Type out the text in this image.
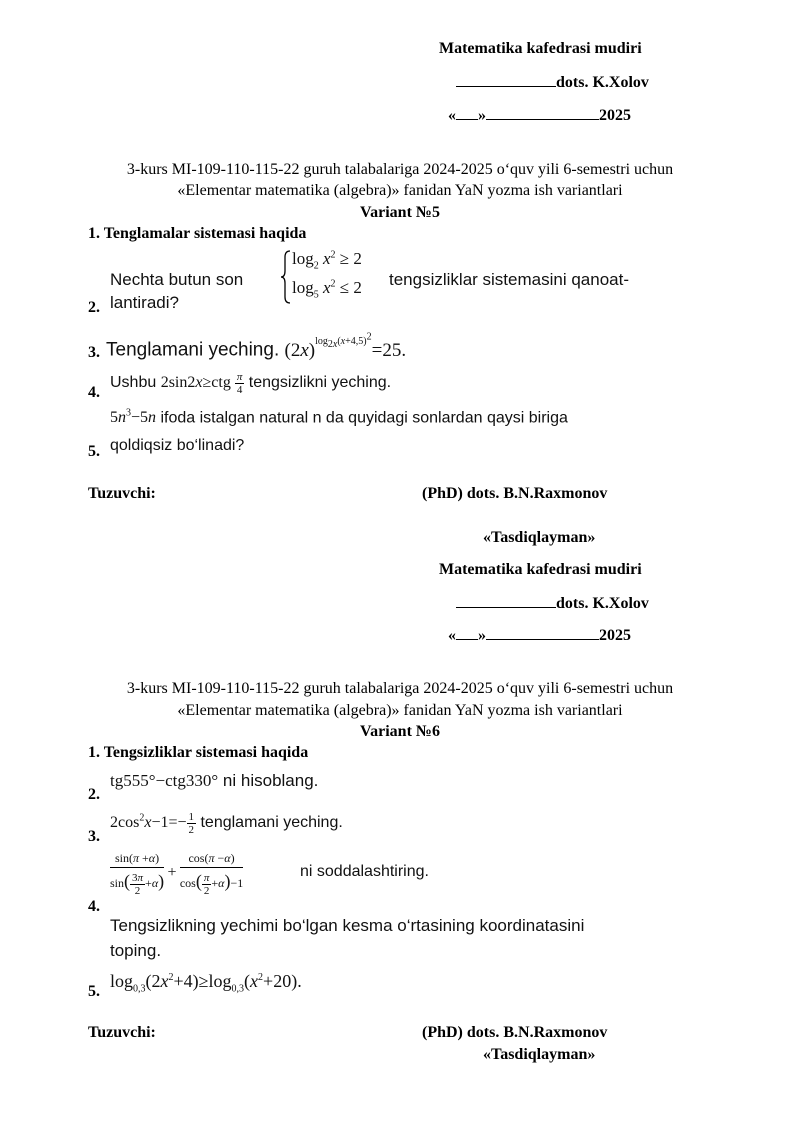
Matematika kafedrasi mudiri
dots. K.Xolov
« »	2025
3-kurs MI-109-110-115-22 guruh talabalariga 2024-2025 o‘quv yili 6-semestri uchun
«Elementar matematika (algebra)» fanidan YaN yozma ish variantlari
Variant №5
1. Tenglamalar sistemasi haqida
Nechta butun son
$\log_2 x^2 \ge 2$
$\log_5 x^2 \le 2$ tengsizliklar sistemasini qanoat-
2. lantiradi?
3. Tenglamani yeching. $(2x)^{log_{2x}(x+4,5)^2}=25$.
Ushbu $2\sin 2x\ge ctg \frac{\pi}{4}$ tengsizlikni yeching.
4.
$5n^3-5n$ ifoda istalgan natural n da quyidagi sonlardan qaysi biriga
5. qoldiqsiz bo‘linadi?
Tuzuvchi:	(PhD) dots. B.N.Raxmonov
«Tasdiqlayman»
Matematika kafedrasi mudiri
dots. K.Xolov
« »	2025
3-kurs MI-109-110-115-22 guruh talabalariga 2024-2025 o‘quv yili 6-semestri uchun
«Elementar matematika (algebra)» fanidan YaN yozma ish variantlari
Variant №6
1. Tengsizliklar sistemasi haqida
tg555°−ctg330° ni hisoblang.
2.
$2\cos^2x-1=- \frac{1}{2}$ tenglamani yeching.
3.
$\frac{\sin(\pi +\alpha)}{\sin( \frac{3\pi}{2} +\alpha)} + \frac{\cos(\pi -\alpha)}{\cos( \frac{\pi}{2} +\alpha)-1}$	ni soddalashtiring.
4.
Tengsizlikning yechimi bo‘lgan kesma o‘rtasining koordinatasini
toping.
5.
$\log_{0,3}(2x^2+4)\ge\log_{0,3}(x^2+20)$.
Tuzuvchi:	(PhD) dots. B.N.Raxmonov
«Tasdiqlayman»
